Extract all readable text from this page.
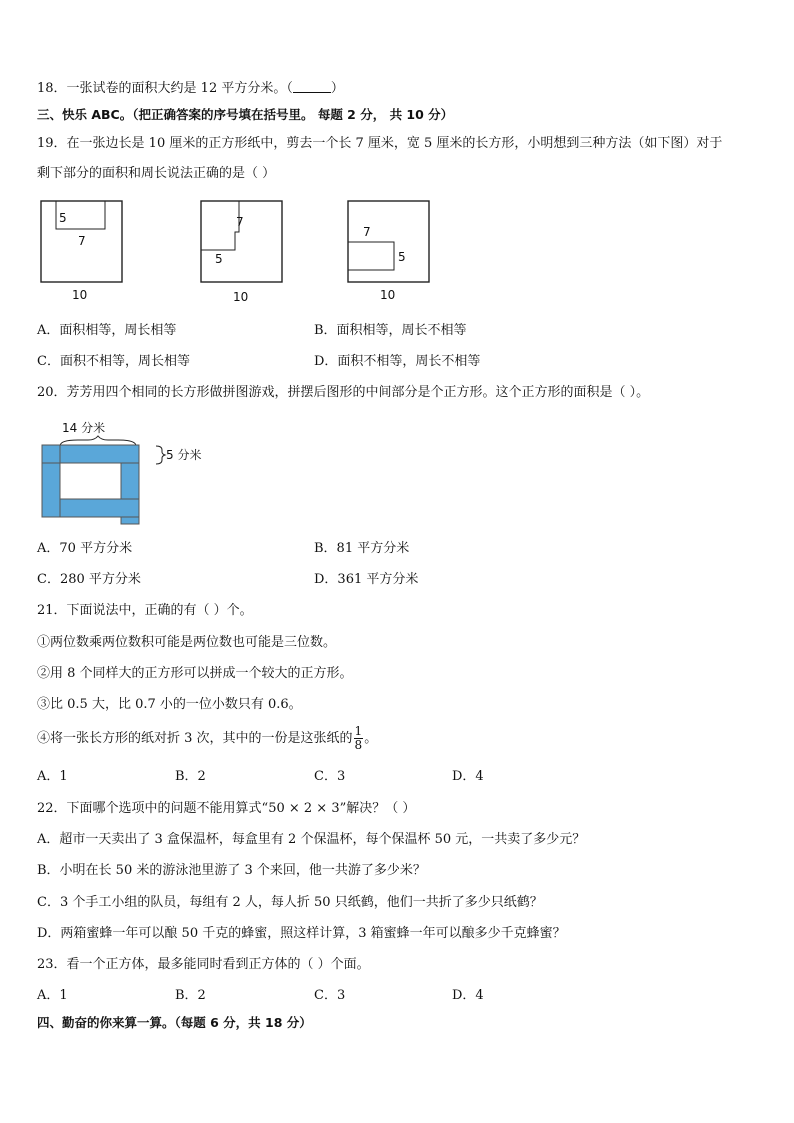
18．一张试卷的面积大约是 12 平方分米。（	）
三、快乐 ABC。（把正确答案的序号填在括号里。 每题 2 分， 共 10 分）
19．在一张边长是 10 厘米的正方形纸中，剪去一个长 7 厘米，宽 5 厘米的长方形，小明想到三种方法（如下图）对于
剩下部分的面积和周长说法正确的是（ ）
5
7
10
7
5
10
7
5
10
A．面积相等，周长相等	B．面积相等，周长不相等
C．面积不相等，周长相等	D．面积不相等，周长不相等
20．芳芳用四个相同的长方形做拼图游戏，拼摆后图形的中间部分是个正方形。这个正方形的面积是（ ）。
14 分米
5 分米
A．70 平方分米	B．81 平方分米
C．280 平方分米	D．361 平方分米
21．下面说法中，正确的有（ ）个。
①两位数乘两位数积可能是两位数也可能是三位数。
②用 8 个同样大的正方形可以拼成一个较大的正方形。
③比 0.5 大，比 0.7 小的一位小数只有 0.6。
④将一张长方形的纸对折 3 次，其中的一份是这张纸的 $\frac{1}{8}$ 。
A．1	B．2	C．3	D．4
22．下面哪个选项中的问题不能用算式“50 × 2 × 3”解决？（ ）
A．超市一天卖出了 3 盒保温杯，每盒里有 2 个保温杯，每个保温杯 50 元，一共卖了多少元？
B．小明在长 50 米的游泳池里游了 3 个来回，他一共游了多少米？
C．3 个手工小组的队员，每组有 2 人，每人折 50 只纸鹤，他们一共折了多少只纸鹤？
D．两箱蜜蜂一年可以酿 50 千克的蜂蜜，照这样计算，3 箱蜜蜂一年可以酿多少千克蜂蜜？
23．看一个正方体，最多能同时看到正方体的（ ）个面。
A．1	B．2	C．3	D．4
四、勤奋的你来算一算。（每题 6 分，共 18 分）
